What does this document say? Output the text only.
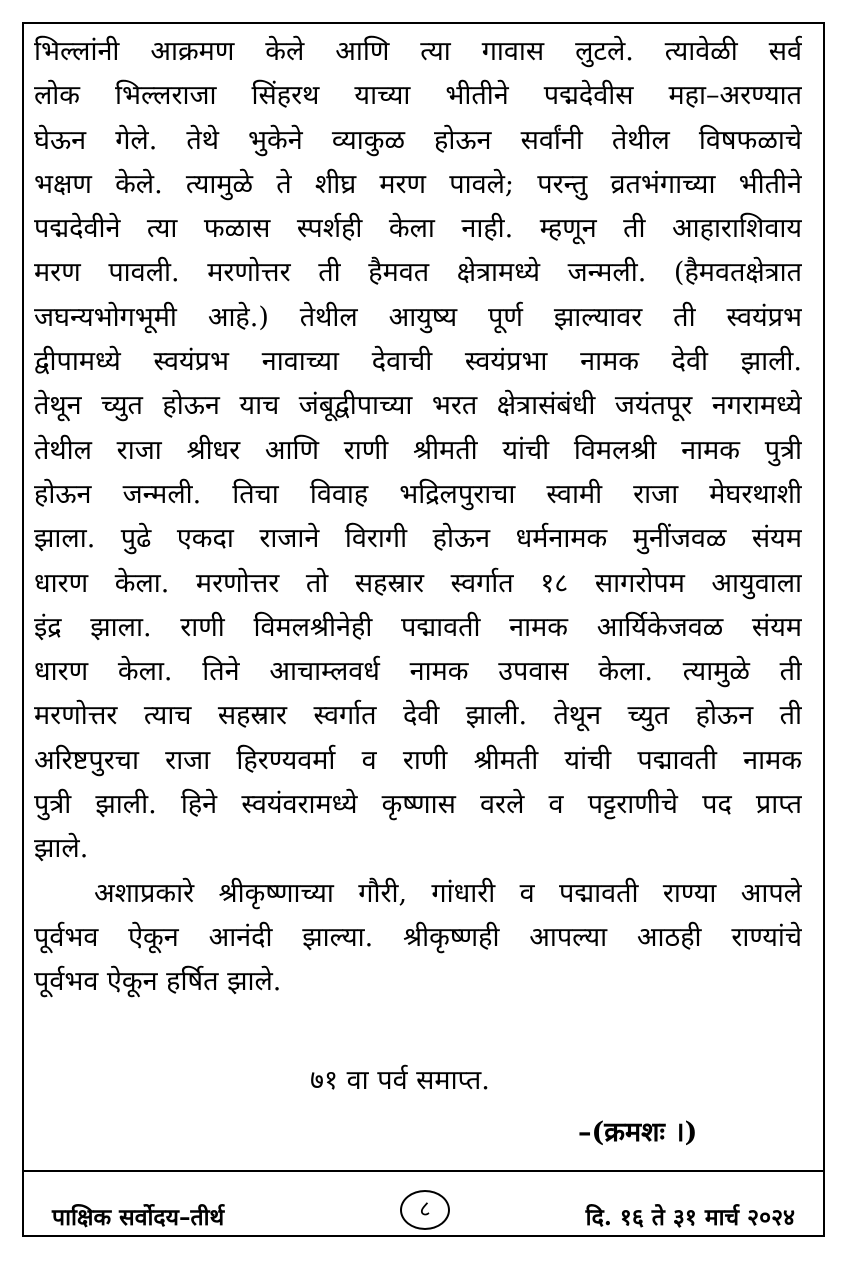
भिल्लांनी आक्रमण केले आणि त्या गावास लुटले. त्यावेळी सर्व
लोक भिल्लराजा सिंहरथ याच्या भीतीने पद्मदेवीस महा–अरण्यात
घेऊन गेले. तेथे भुकेने व्याकुळ होऊन सर्वांनी तेथील विषफळाचे
भक्षण केले. त्यामुळे ते शीघ्र मरण पावले; परन्तु व्रतभंगाच्या भीतीने
पद्मदेवीने त्या फळास स्पर्शही केला नाही. म्हणून ती आहाराशिवाय
मरण पावली. मरणोत्तर ती हैमवत क्षेत्रामध्ये जन्मली. (हैमवतक्षेत्रात
जघन्यभोगभूमी आहे.) तेथील आयुष्य पूर्ण झाल्यावर ती स्वयंप्रभ
द्वीपामध्ये स्वयंप्रभ नावाच्या देवाची स्वयंप्रभा नामक देवी झाली.
तेथून च्युत होऊन याच जंबूद्वीपाच्या भरत क्षेत्रासंबंधी जयंतपूर नगरामध्ये
तेथील राजा श्रीधर आणि राणी श्रीमती यांची विमलश्री नामक पुत्री
होऊन जन्मली. तिचा विवाह भद्रिलपुराचा स्वामी राजा मेघरथाशी
झाला. पुढे एकदा राजाने विरागी होऊन धर्मनामक मुनींजवळ संयम
धारण केला. मरणोत्तर तो सहस्रार स्वर्गात १८ सागरोपम आयुवाला
इंद्र झाला. राणी विमलश्रीनेही पद्मावती नामक आर्यिकेजवळ संयम
धारण केला. तिने आचाम्लवर्ध नामक उपवास केला. त्यामुळे ती
मरणोत्तर त्याच सहस्रार स्वर्गात देवी झाली. तेथून च्युत होऊन ती
अरिष्टपुरचा राजा हिरण्यवर्मा व राणी श्रीमती यांची पद्मावती नामक
पुत्री झाली. हिने स्वयंवरामध्ये कृष्णास वरले व पट्टराणीचे पद प्राप्त
झाले.
अशाप्रकारे श्रीकृष्णाच्या गौरी, गांधारी व पद्मावती राण्या आपले
पूर्वभव ऐकून आनंदी झाल्या. श्रीकृष्णही आपल्या आठही राण्यांचे
पूर्वभव ऐकून हर्षित झाले.
७१ वा पर्व समाप्त.
–(क्रमशः ।)
पाक्षिक सर्वोदय–तीर्थ	८	दि. १६ ते ३१ मार्च २०२४
